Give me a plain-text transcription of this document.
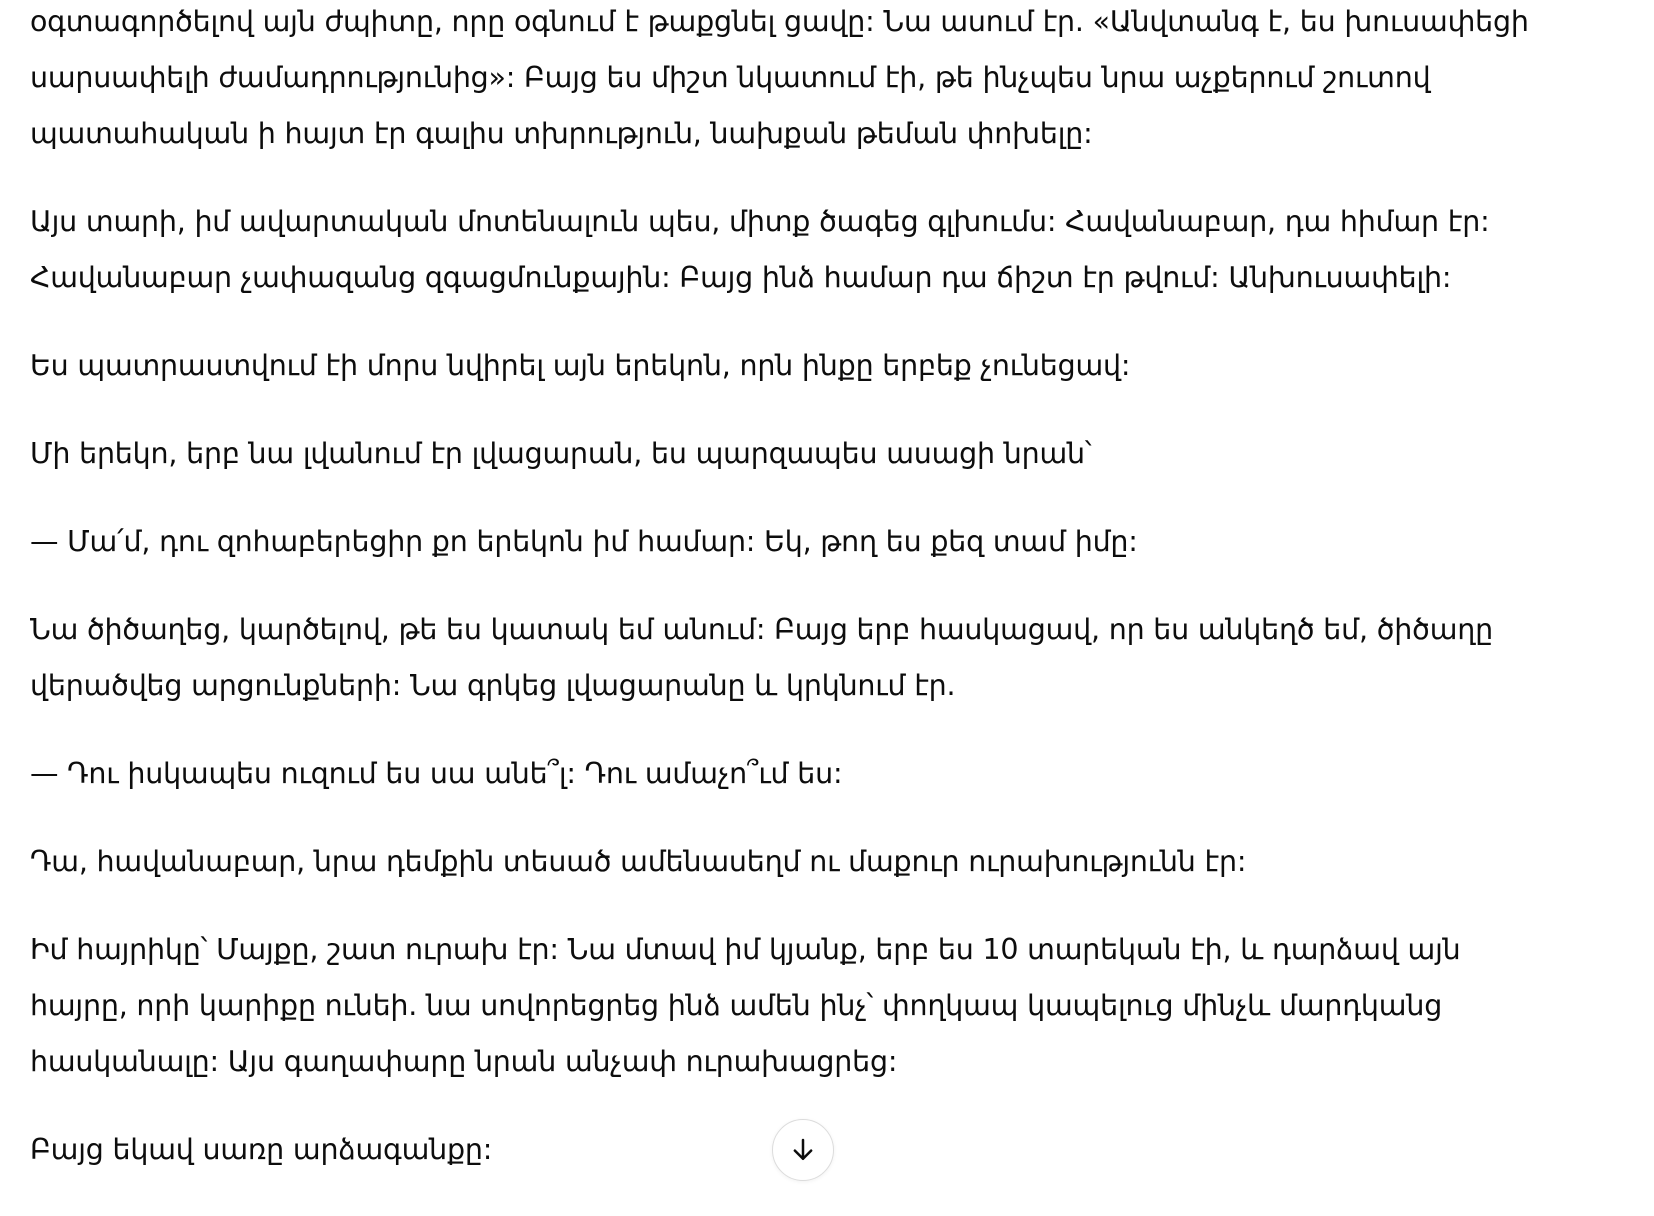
օգտագործելով այն ժպիտը, որը օգնում է թաքցնել ցավը: Նա ասում էր. «Անվտանգ է, ես խուսափեցի
սարսափելի ժամադրությունից»: Բայց ես միշտ նկատում էի, թե ինչպես նրա աչքերում շուտով
պատահական ի հայտ էր գալիս տխրություն, նախքան թեման փոխելը:

Այս տարի, իմ ավարտական մոտենալուն պես, միտք ծագեց գլխումս: Հավանաբար, դա հիմար էր:
Հավանաբար չափազանց զգացմունքային: Բայց ինձ համար դա ճիշտ էր թվում: Անխուսափելի:

Ես պատրաստվում էի մորս նվիրել այն երեկոն, որն ինքը երբեք չունեցավ:

Մի երեկո, երբ նա լվանում էր լվացարան, ես պարզապես ասացի նրան՝

— Մա՛մ, դու զոհաբերեցիր քո երեկոն իմ համար: Եկ, թող ես քեզ տամ իմը:

Նա ծիծաղեց, կարծելով, թե ես կատակ եմ անում: Բայց երբ հասկացավ, որ ես անկեղծ եմ, ծիծաղը
վերածվեց արցունքների: Նա գրկեց լվացարանը և կրկնում էր.

— Դու իսկապես ուզում ես սա անե՞լ: Դու ամաչո՞ւմ ես:

Դա, հավանաբար, նրա դեմքին տեսած ամենասեղմ ու մաքուր ուրախությունն էր:

Իմ հայրիկը՝ Մայքը, շատ ուրախ էր: Նա մտավ իմ կյանք, երբ ես 10 տարեկան էի, և դարձավ այն
հայրը, որի կարիքը ունեի. նա սովորեցրեց ինձ ամեն ինչ՝ փողկապ կապելուց մինչև մարդկանց
հասկանալը: Այս գաղափարը նրան անչափ ուրախացրեց:

Բայց եկավ սառը արձագանքը:
